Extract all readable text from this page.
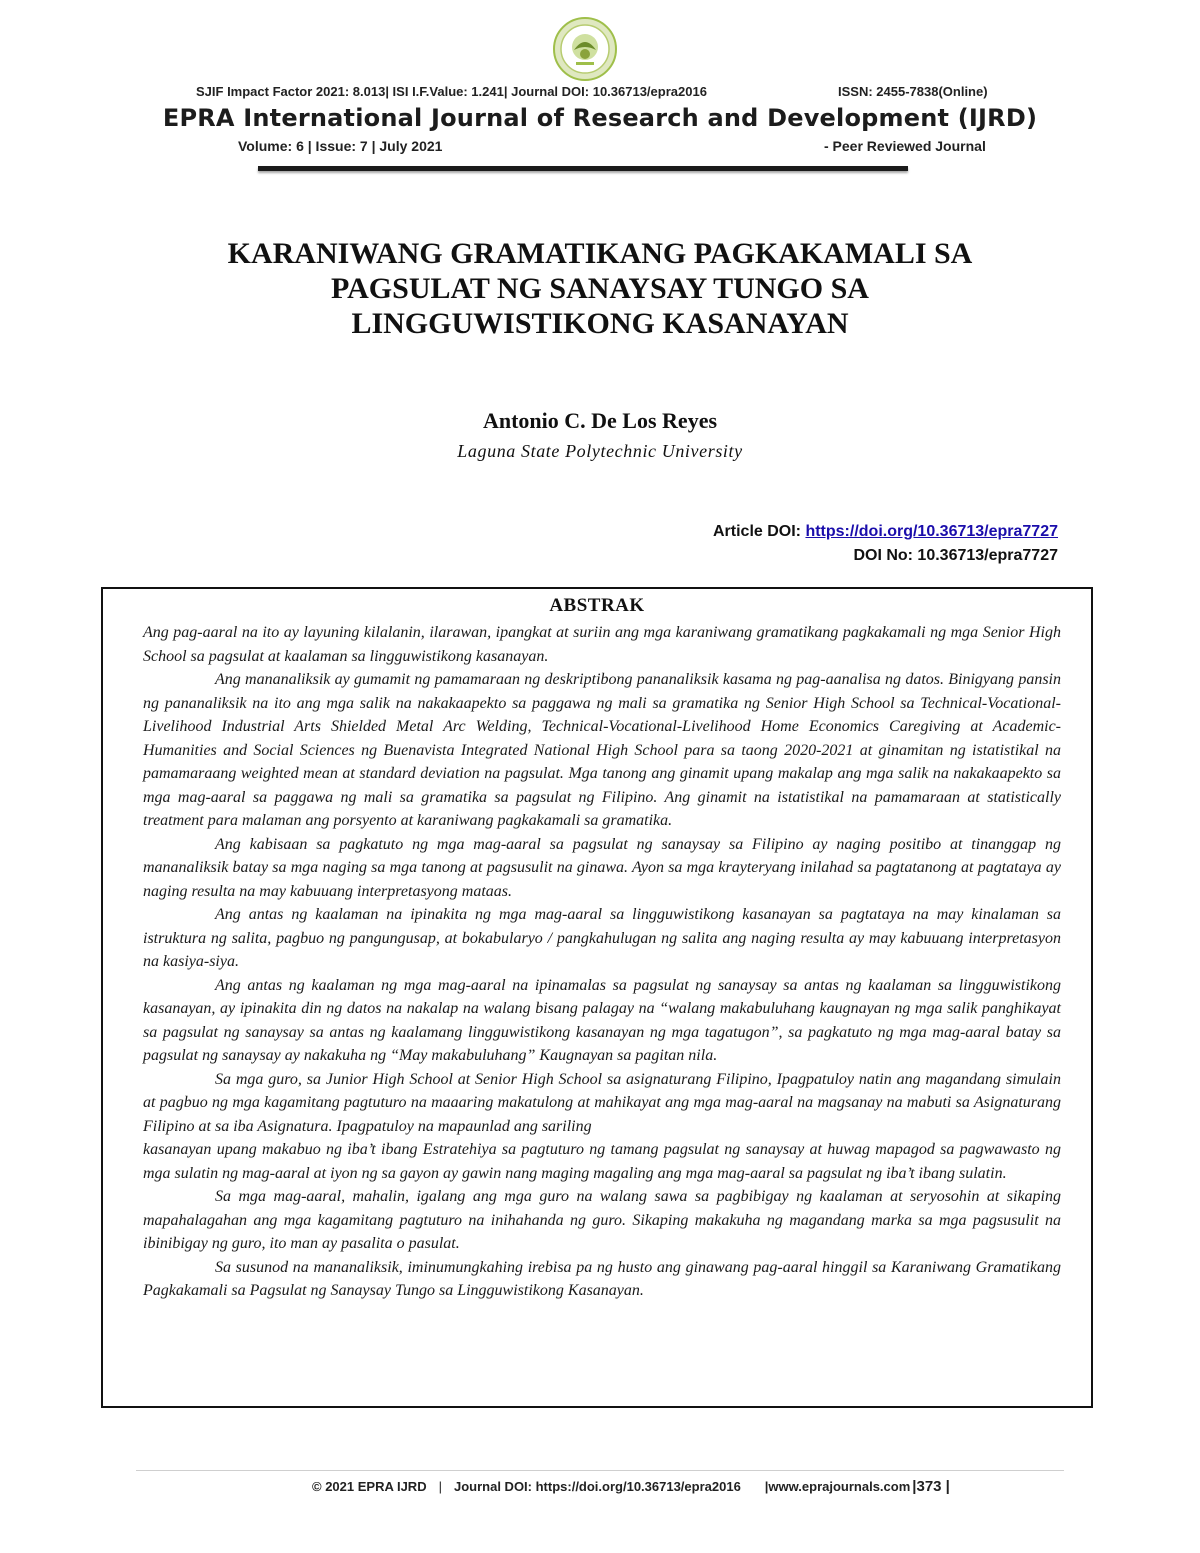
SJIF Impact Factor 2021: 8.013| ISI I.F.Value: 1.241| Journal DOI: 10.36713/epra2016	ISSN: 2455-7838(Online)
EPRA International Journal of Research and Development (IJRD)
Volume: 6 | Issue: 7 | July 2021	- Peer Reviewed Journal
KARANIWANG GRAMATIKANG PAGKAKAMALI SA
PAGSULAT NG SANAYSAY TUNGO SA
LINGGUWISTIKONG KASANAYAN
Antonio C. De Los Reyes
Laguna State Polytechnic University
Article DOI: https://doi.org/10.36713/epra7727
DOI No: 10.36713/epra7727
ABSTRAK

Ang pag-aaral na ito ay layuning kilalanin, ilarawan, ipangkat at suriin ang mga karaniwang gramatikang pagkakamali ng mga Senior High School sa pagsulat at kaalaman sa lingguwistikong kasanayan.

Ang mananaliksik ay gumamit ng pamamaraan ng deskriptibong pananaliksik kasama ng pag-aanalisa ng datos. Binigyang pansin ng pananaliksik na ito ang mga salik na nakakaapekto sa paggawa ng mali sa gramatika ng Senior High School sa Technical-Vocational-Livelihood Industrial Arts Shielded Metal Arc Welding, Technical-Vocational-Livelihood Home Economics Caregiving at Academic-Humanities and Social Sciences ng Buenavista Integrated National High School para sa taong 2020-2021 at ginamitan ng istatistikal na pamamaraang weighted mean at standard deviation na pagsulat. Mga tanong ang ginamit upang makalap ang mga salik na nakakaapekto sa mga mag-aaral sa paggawa ng mali sa gramatika sa pagsulat ng Filipino. Ang ginamit na istatistikal na pamamaraan at statistically treatment para malaman ang porsyento at karaniwang pagkakamali sa gramatika.

Ang kabisaan sa pagkatuto ng mga mag-aaral sa pagsulat ng sanaysay sa Filipino ay naging positibo at tinanggap ng mananaliksik batay sa mga naging sa mga tanong at pagsusulit na ginawa. Ayon sa mga krayteryang inilahad sa pagtatanong at pagtataya ay naging resulta na may kabuuang interpretasyong mataas.

Ang antas ng kaalaman na ipinakita ng mga mag-aaral sa lingguwistikong kasanayan sa pagtataya na may kinalaman sa istruktura ng salita, pagbuo ng pangungusap, at bokabularyo / pangkahulugan ng salita ang naging resulta ay may kabuuang interpretasyon na kasiya-siya.

Ang antas ng kaalaman ng mga mag-aaral na ipinamalas sa pagsulat ng sanaysay sa antas ng kaalaman sa lingguwistikong kasanayan, ay ipinakita din ng datos na nakalap na walang bisang palagay na “walang makabuluhang kaugnayan ng mga salik panghikayat sa pagsulat ng sanaysay sa antas ng kaalamang lingguwistikong kasanayan ng mga tagatugon”, sa pagkatuto ng mga mag-aaral batay sa pagsulat ng sanaysay ay nakakuha ng “May makabuluhang” Kaugnayan sa pagitan nila.

Sa mga guro, sa Junior High School at Senior High School sa asignaturang Filipino, Ipagpatuloy natin ang magandang simulain at pagbuo ng mga kagamitang pagtuturo na maaaring makatulong at mahikayat ang mga mag-aaral na magsanay na mabuti sa Asignaturang Filipino at sa iba Asignatura. Ipagpatuloy na mapaunlad ang sariling

kasanayan upang makabuo ng iba’t ibang Estratehiya sa pagtuturo ng tamang pagsulat ng sanaysay at huwag mapagod sa pagwawasto ng mga sulatin ng mag-aaral at iyon ng sa gayon ay gawin nang maging magaling ang mga mag-aaral sa pagsulat ng iba’t ibang sulatin.

Sa mga mag-aaral, mahalin, igalang ang mga guro na walang sawa sa pagbibigay ng kaalaman at seryosohin at sikaping mapahalagahan ang mga kagamitang pagtuturo na inihahanda ng guro. Sikaping makakuha ng magandang marka sa mga pagsusulit na ibinibigay ng guro, ito man ay pasalita o pasulat.

Sa susunod na mananaliksik, iminumungkahing irebisa pa ng husto ang ginawang pag-aaral hinggil sa Karaniwang Gramatikang Pagkakamali sa Pagsulat ng Sanaysay Tungo sa Lingguwistikong Kasanayan.

© 2021 EPRA IJRD | Journal DOI: https://doi.org/10.36713/epra2016 |www.eprajournals.com |373 |
